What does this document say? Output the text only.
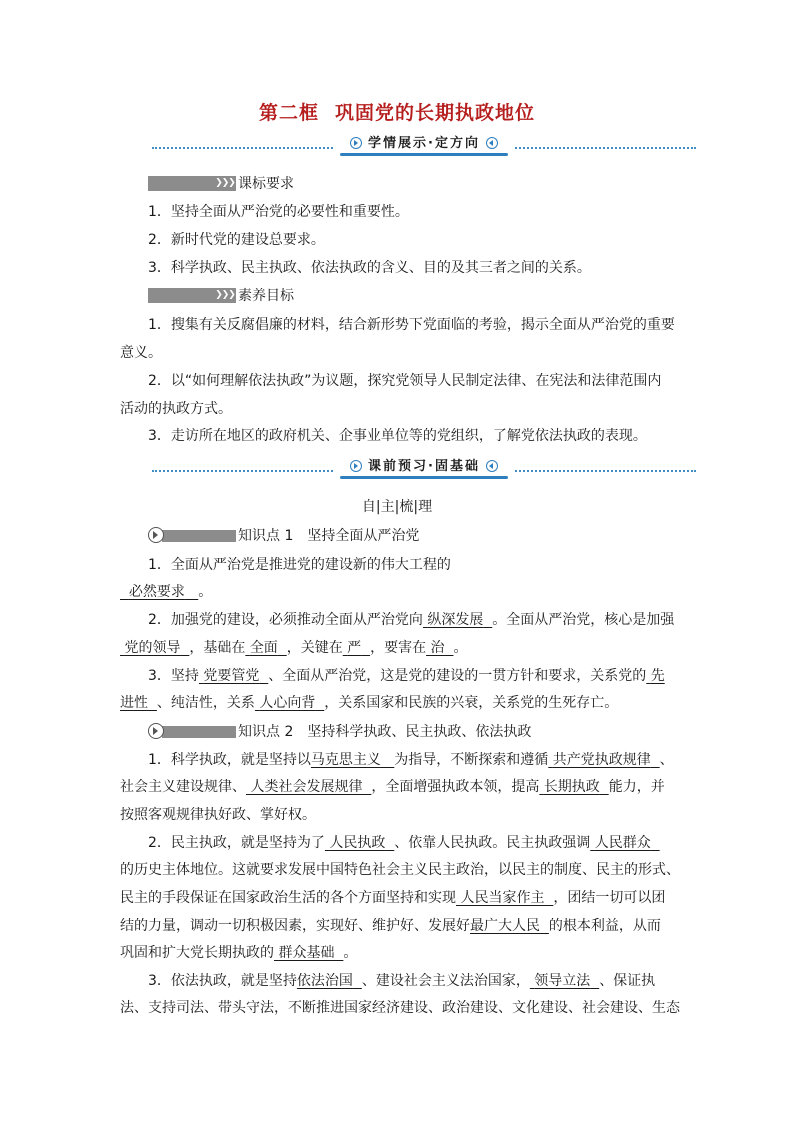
第二框 巩固党的长期执政地位
学情展示·定方向
❯❯❯ 课标要求
1．坚持全面从严治党的必要性和重要性。
2．新时代党的建设总要求。
3．科学执政、民主执政、依法执政的含义、目的及其三者之间的关系。
❯❯❯ 素养目标
1．搜集有关反腐倡廉的材料，结合新形势下党面临的考验，揭示全面从严治党的重要
意义。
2．以“如何理解依法执政”为议题，探究党领导人民制定法律、在宪法和法律范围内
活动的执政方式。
3．走访所在地区的政府机关、企事业单位等的党组织，了解党依法执政的表现。
课前预习·固基础
自|主|梳|理
知识点 1　坚持全面从严治党
1．全面从严治党是推进党的建设新的伟大工程的
必然要求 。
2．加强党的建设，必须推动全面从严治党向 纵深发展 。全面从严治党，核心是加强
党的领导 ，基础在 全面 ，关键在 严 ，要害在 治 。
3．坚持 党要管党 、全面从严治党，这是党的建设的一贯方针和要求，关系党的 先
进性 、纯洁性，关系 人心向背 ，关系国家和民族的兴衰，关系党的生死存亡。
知识点 2　坚持科学执政、民主执政、依法执政
1．科学执政，就是坚持以马克思主义 为指导，不断探索和遵循 共产党执政规律 、
社会主义建设规律、 人类社会发展规律 ，全面增强执政本领，提高 长期执政 能力，并
按照客观规律执好政、掌好权。
2．民主执政，就是坚持为了 人民执政 、依靠人民执政。民主执政强调 人民群众
的历史主体地位。这就要求发展中国特色社会主义民主政治，以民主的制度、民主的形式、
民主的手段保证在国家政治生活的各个方面坚持和实现 人民当家作主 ，团结一切可以团
结的力量，调动一切积极因素，实现好、维护好、发展好最广大人民 的根本利益，从而
巩固和扩大党长期执政的 群众基础 。
3．依法执政，就是坚持依法治国 、建设社会主义法治国家， 领导立法 、保证执
法、支持司法、带头守法，不断推进国家经济建设、政治建设、文化建设、社会建设、生态
